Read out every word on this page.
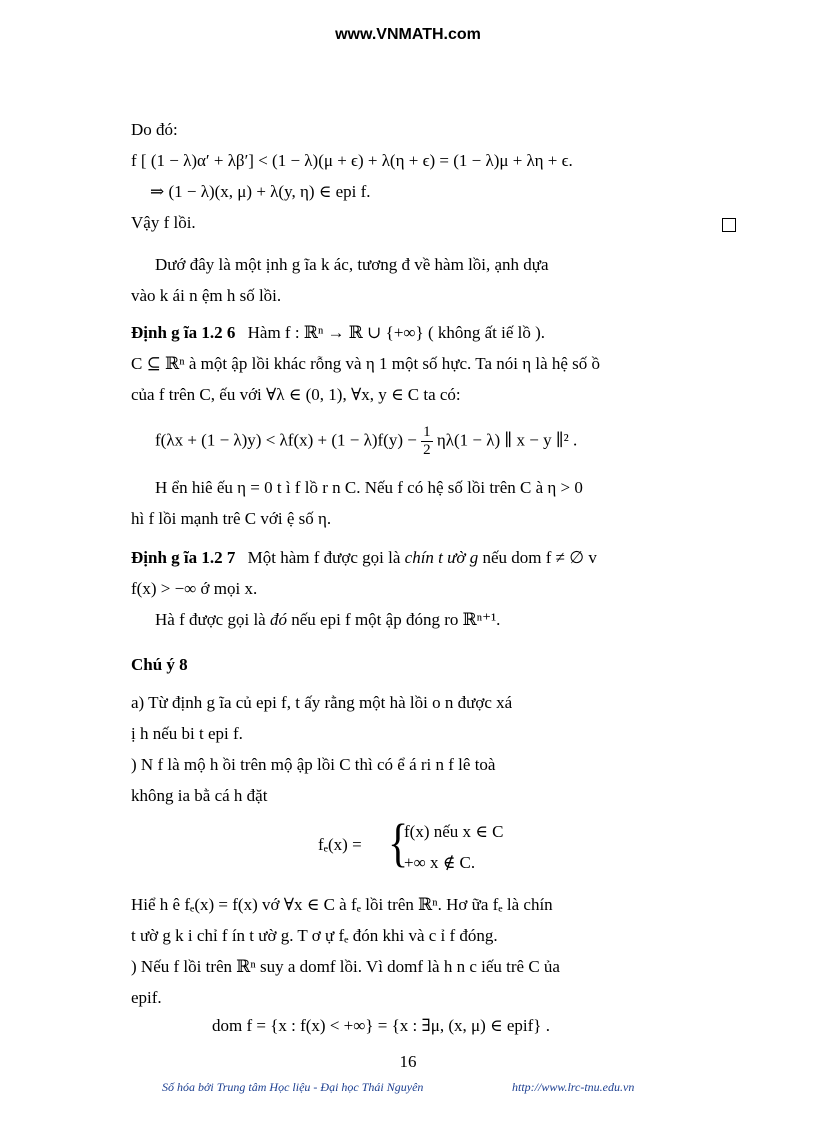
www.VNMATH.com
Do đó:
f [ (1 − λ)α′ + λβ′] < (1 − λ)(μ + ϵ) + λ(η + ϵ) = (1 − λ)μ + λη + ϵ.
⇒ (1 − λ)(x, μ) + λ(y, η) ∈ epi f.
Vậy f lồi.
Dướ đây là một ịnh g ĩa k ác, tương đ về hàm lồi, ạnh dựa
vào k ái n ệm h số lồi.
Định g ĩa 1.2 6 Hàm f : ℝⁿ → ℝ ∪ {+∞} ( không ất iế lồ ).
C ⊆ ℝⁿ à một ập lồi khác rỗng và η 1 một số hực. Ta nói η là hệ số ồ
của f trên C, ếu với ∀λ ∈ (0, 1), ∀x, y ∈ C ta có:
$f(\lambda x + (1 - \lambda)y) < \lambda f(x) + (1 - \lambda)f(y) - \frac{1}{2} \eta\lambda(1 - \lambda)$ ∥ x − y ∥² .
H ển hiê ếu η = 0 t ì f lồ r n C. Nếu f có hệ số lồi trên C à η > 0
hì f lồi mạnh trê C với ệ số η.
Định g ĩa 1.2 7 Một hàm f được gọi là chín t ườ g nếu dom f ≠ ∅ v
f(x) > −∞ ớ mọi x.
Hà f được gọi là đó nếu epi f một ập đóng ro ℝⁿ⁺¹.
Chú ý 8
a) Từ định g ĩa củ epi f, t ấy rằng một hà lồi o n được xá
ị h nếu bi t epi f.
) N f là mộ h ồi trên mộ ập lồi C thì có ể á ri n f lê toà
không ia bằ cá h đặt
fₑ(x) = {
f(x) nếu x ∈ C
+∞ x ∉ C.
Hiể h ê fₑ(x) = f(x) vớ ∀x ∈ C à fₑ lồi trên ℝⁿ. Hơ ữa fₑ là chín
t ườ g k i chỉ f ín t ườ g. T ơ ự fₑ đón khi và c ỉ f đóng.
) Nếu f lồi trên ℝⁿ suy a domf lồi. Vì domf là h n c iếu trê C ủa
epif.
dom f = {x : f(x) < +∞} = {x : ∃μ, (x, μ) ∈ epif} .
16
Số hóa bởi Trung tâm Học liệu - Đại học Thái Nguyên	http://www.lrc-tnu.edu.vn
